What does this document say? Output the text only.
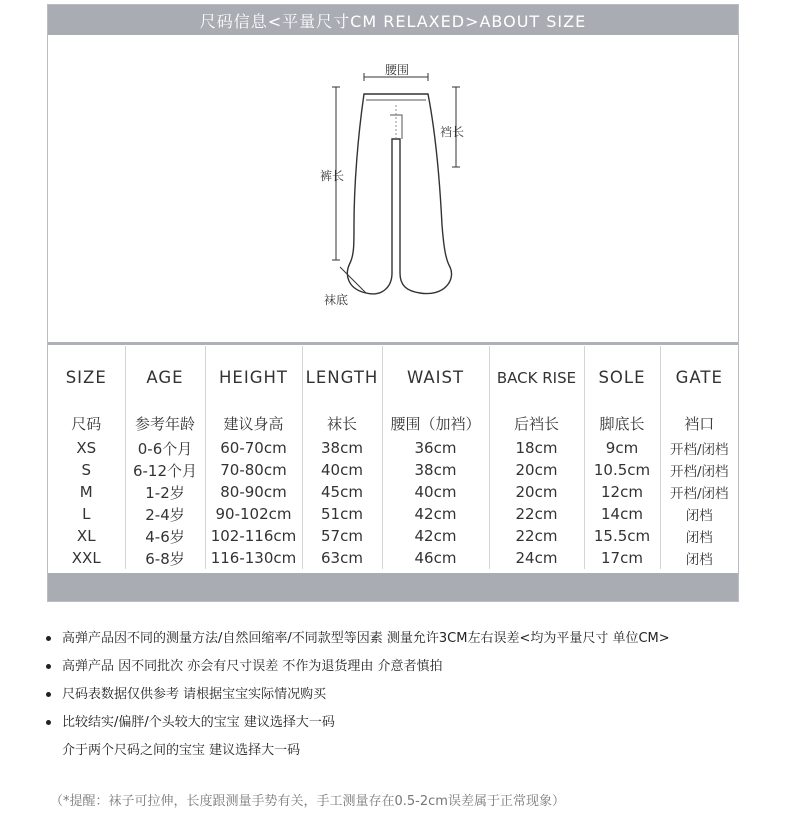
尺码信息<平量尺寸CM RELAXED>ABOUT SIZE
腰围
裆长
裤长
袜底
SIZE	AGE	HEIGHT	LENGTH	WAIST	BACK RISE	SOLE	GATE
尺码	参考年龄	建议身高	袜长	腰围（加裆）	后裆长	脚底长	裆口
XS	0-6个月	60-70cm	38cm	36cm	18cm	9cm	开档/闭档
S	6-12个月	70-80cm	40cm	38cm	20cm	10.5cm	开档/闭档
M	1-2岁	80-90cm	45cm	40cm	20cm	12cm	开档/闭档
L	2-4岁	90-102cm	51cm	42cm	22cm	14cm	闭档
XL	4-6岁	102-116cm	57cm	42cm	22cm	15.5cm	闭档
XXL	6-8岁	116-130cm	63cm	46cm	24cm	17cm	闭档
高弹产品因不同的测量方法/自然回缩率/不同款型等因素 测量允许3CM左右误差<均为平量尺寸 单位CM>
高弹产品 因不同批次 亦会有尺寸误差 不作为退货理由 介意者慎拍
尺码表数据仅供参考 请根据宝宝实际情况购买
比较结实/偏胖/个头较大的宝宝 建议选择大一码
介于两个尺码之间的宝宝 建议选择大一码
（*提醒：袜子可拉伸，长度跟测量手势有关，手工测量存在0.5-2cm误差属于正常现象）
